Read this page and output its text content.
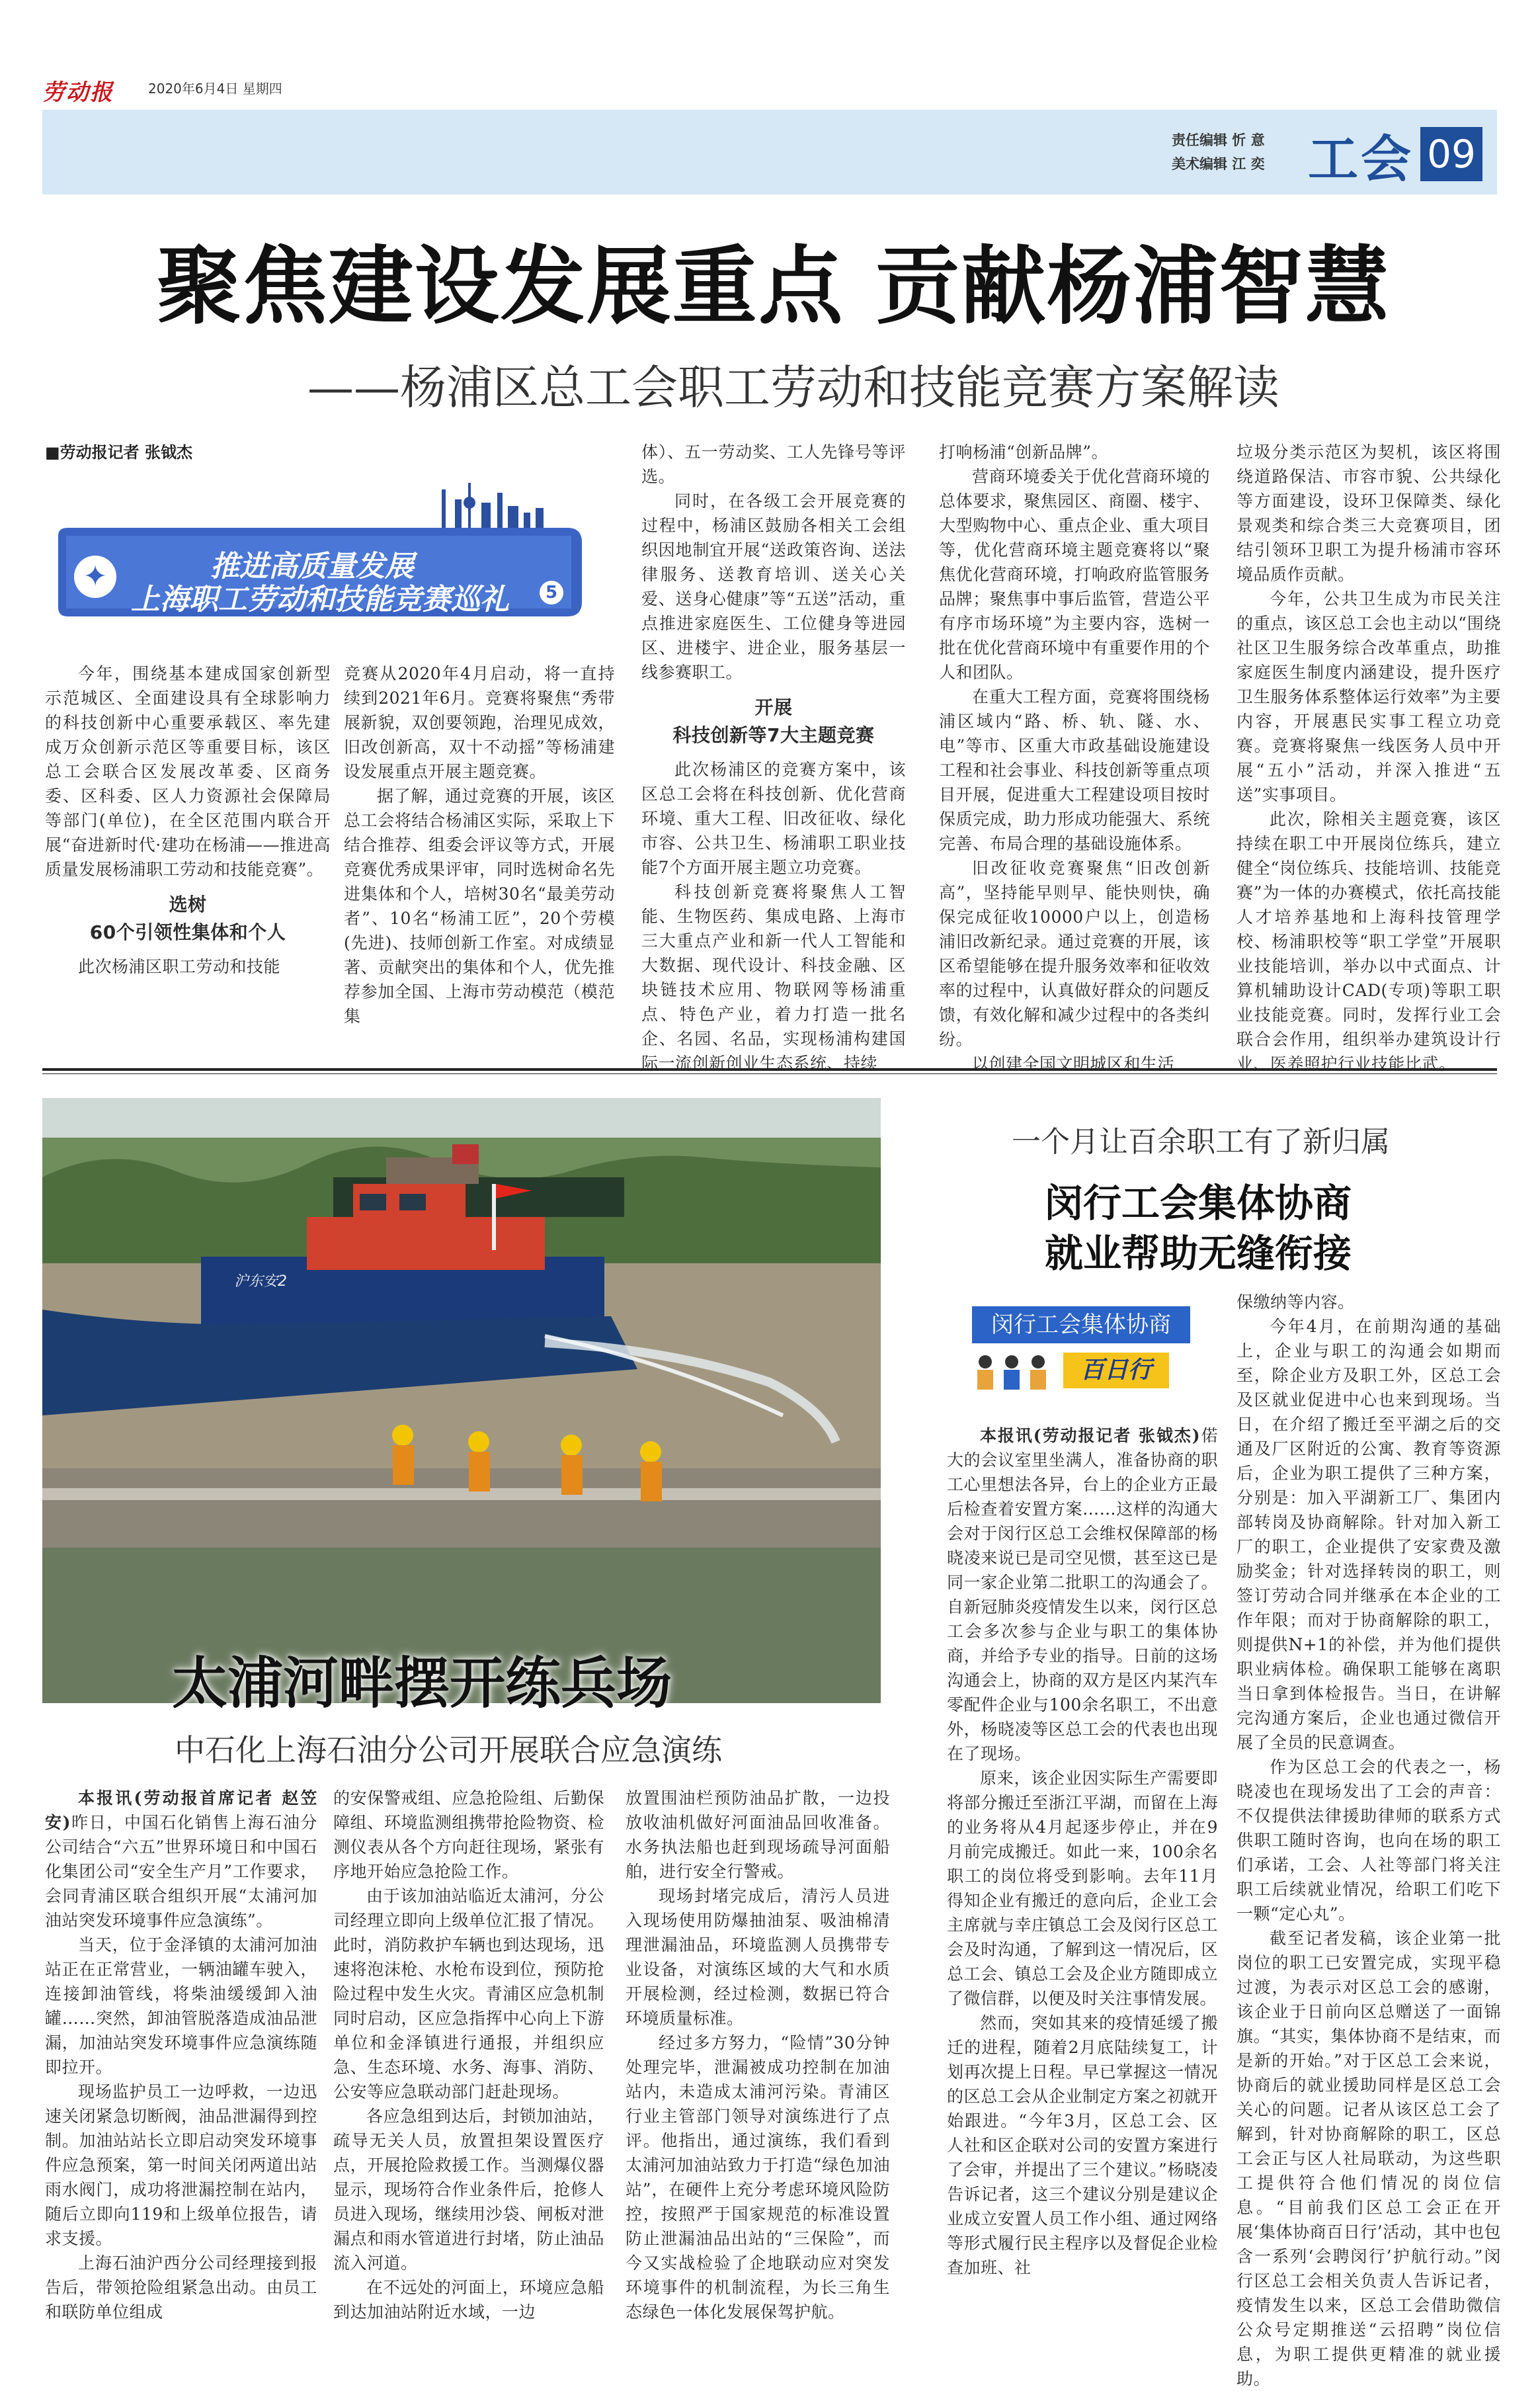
劳动报	2020年6月4日 星期四
责任编辑 忻 意
美术编辑 江 奕 工会 09
聚焦建设发展重点 贡献杨浦智慧
——杨浦区总工会职工劳动和技能竞赛方案解读
■劳动报记者 张钺杰
✦	推进高质量发展
上海职工劳动和技能竞赛巡礼	5

今年，围绕基本建成国家创新型示范城区、全面建设具有全球影响力的科技创新中心重要承载区、率先建成万众创新示范区等重要目标，该区总工会联合区发展改革委、区商务委、区科委、区人力资源社会保障局等部门(单位)，在全区范围内联合开展“奋进新时代·建功在杨浦——推进高质量发展杨浦职工劳动和技能竞赛”。

选树
60个引领性集体和个人

此次杨浦区职工劳动和技能

竞赛从2020年4月启动，将一直持续到2021年6月。竞赛将聚焦“秀带展新貌，双创要领跑，治理见成效，旧改创新高，双十不动摇”等杨浦建设发展重点开展主题竞赛。

据了解，通过竞赛的开展，该区总工会将结合杨浦区实际，采取上下结合推荐、组委会评议等方式，开展竞赛优秀成果评审，同时选树命名先进集体和个人，培树30名“最美劳动者”、10名“杨浦工匠”，20个劳模(先进)、技师创新工作室。对成绩显著、贡献突出的集体和个人，优先推荐参加全国、上海市劳动模范（模范集

体）、五一劳动奖、工人先锋号等评选。

同时，在各级工会开展竞赛的过程中，杨浦区鼓励各相关工会组织因地制宜开展“送政策咨询、送法律服务、送教育培训、送关心关爱、送身心健康”等“五送”活动，重点推进家庭医生、工位健身等进园区、进楼宇、进企业，服务基层一线参赛职工。

开展
科技创新等7大主题竞赛

此次杨浦区的竞赛方案中，该区总工会将在科技创新、优化营商环境、重大工程、旧改征收、绿化市容、公共卫生、杨浦职工职业技能7个方面开展主题立功竞赛。

科技创新竞赛将聚焦人工智能、生物医药、集成电路、上海市三大重点产业和新一代人工智能和大数据、现代设计、科技金融、区块链技术应用、物联网等杨浦重点、特色产业，着力打造一批名企、名园、名品，实现杨浦构建国际一流创新创业生态系统、持续

打响杨浦“创新品牌”。

营商环境委关于优化营商环境的总体要求，聚焦园区、商圈、楼宇、大型购物中心、重点企业、重大项目等，优化营商环境主题竞赛将以“聚焦优化营商环境，打响政府监管服务品牌；聚焦事中事后监管，营造公平有序市场环境”为主要内容，选树一批在优化营商环境中有重要作用的个人和团队。

在重大工程方面，竞赛将围绕杨浦区域内“路、桥、轨、隧、水、电”等市、区重大市政基础设施建设工程和社会事业、科技创新等重点项目开展，促进重大工程建设项目按时保质完成，助力形成功能强大、系统完善、布局合理的基础设施体系。

旧改征收竞赛聚焦“旧改创新高”，坚持能早则早、能快则快，确保完成征收10000户以上，创造杨浦旧改新纪录。通过竞赛的开展，该区希望能够在提升服务效率和征收效率的过程中，认真做好群众的问题反馈，有效化解和减少过程中的各类纠纷。

以创建全国文明城区和生活

垃圾分类示范区为契机，该区将围绕道路保洁、市容市貌、公共绿化等方面建设，设环卫保障类、绿化景观类和综合类三大竞赛项目，团结引领环卫职工为提升杨浦市容环境品质作贡献。

今年，公共卫生成为市民关注的重点，该区总工会也主动以“围绕社区卫生服务综合改革重点，助推家庭医生制度内涵建设，提升医疗卫生服务体系整体运行效率”为主要内容，开展惠民实事工程立功竞赛。竞赛将聚焦一线医务人员中开展“五小”活动，并深入推进“五送”实事项目。

此次，除相关主题竞赛，该区持续在职工中开展岗位练兵，建立健全“岗位练兵、技能培训、技能竞赛”为一体的办赛模式，依托高技能人才培养基地和上海科技管理学校、杨浦职校等“职工学堂”开展职业技能培训，举办以中式面点、计算机辅助设计CAD(专项)等职工职业技能竞赛。同时，发挥行业工会联合会作用，组织举办建筑设计行业、医养照护行业技能比武。

沪东安2
太浦河畔摆开练兵场
中石化上海石油分公司开展联合应急演练

本报讯(劳动报首席记者 赵笠安)昨日，中国石化销售上海石油分公司结合“六五”世界环境日和中国石化集团公司“安全生产月”工作要求，会同青浦区联合组织开展“太浦河加油站突发环境事件应急演练”。

当天，位于金泽镇的太浦河加油站正在正常营业，一辆油罐车驶入，连接卸油管线，将柴油缓缓卸入油罐……突然，卸油管脱落造成油品泄漏，加油站突发环境事件应急演练随即拉开。

现场监护员工一边呼救，一边迅速关闭紧急切断阀，油品泄漏得到控制。加油站站长立即启动突发环境事件应急预案，第一时间关闭两道出站雨水阀门，成功将泄漏控制在站内，随后立即向119和上级单位报告，请求支援。

上海石油沪西分公司经理接到报告后，带领抢险组紧急出动。由员工和联防单位组成

的安保警戒组、应急抢险组、后勤保障组、环境监测组携带抢险物资、检测仪表从各个方向赶往现场，紧张有序地开始应急抢险工作。

由于该加油站临近太浦河，分公司经理立即向上级单位汇报了情况。此时，消防救护车辆也到达现场，迅速将泡沫枪、水枪布设到位，预防抢险过程中发生火灾。青浦区应急机制同时启动，区应急指挥中心向上下游单位和金泽镇进行通报，并组织应急、生态环境、水务、海事、消防、公安等应急联动部门赶赴现场。

各应急组到达后，封锁加油站，疏导无关人员，放置担架设置医疗点，开展抢险救援工作。当测爆仪器显示，现场符合作业条件后，抢修人员进入现场，继续用沙袋、闸板对泄漏点和雨水管道进行封堵，防止油品流入河道。

在不远处的河面上，环境应急船到达加油站附近水域，一边

放置围油栏预防油品扩散，一边投放收油机做好河面油品回收准备。水务执法船也赶到现场疏导河面船舶，进行安全行警戒。

现场封堵完成后，清污人员进入现场使用防爆抽油泵、吸油棉清理泄漏油品，环境监测人员携带专业设备，对演练区域的大气和水质开展检测，经过检测，数据已符合环境质量标准。

经过多方努力，“险情”30分钟处理完毕，泄漏被成功控制在加油站内，未造成太浦河污染。青浦区行业主管部门领导对演练进行了点评。他指出，通过演练，我们看到太浦河加油站致力于打造“绿色加油站”，在硬件上充分考虑环境风险防控，按照严于国家规范的标准设置防止泄漏油品出站的“三保险”，而今又实战检验了企地联动应对突发环境事件的机制流程，为长三角生态绿色一体化发展保驾护航。

一个月让百余职工有了新归属
闵行工会集体协商
就业帮助无缝衔接
闵行工会集体协商
百日行

本报讯(劳动报记者 张钺杰)偌大的会议室里坐满人，准备协商的职工心里想法各异，台上的企业方正最后检查着安置方案……这样的沟通大会对于闵行区总工会维权保障部的杨晓凌来说已是司空见惯，甚至这已是同一家企业第二批职工的沟通会了。自新冠肺炎疫情发生以来，闵行区总工会多次参与企业与职工的集体协商，并给予专业的指导。日前的这场沟通会上，协商的双方是区内某汽车零配件企业与100余名职工，不出意外，杨晓凌等区总工会的代表也出现在了现场。

原来，该企业因实际生产需要即将部分搬迁至浙江平湖，而留在上海的业务将从4月起逐步停止，并在9月前完成搬迁。如此一来，100余名职工的岗位将受到影响。去年11月得知企业有搬迁的意向后，企业工会主席就与幸庄镇总工会及闵行区总工会及时沟通，了解到这一情况后，区总工会、镇总工会及企业方随即成立了微信群，以便及时关注事情发展。

然而，突如其来的疫情延缓了搬迁的进程，随着2月底陆续复工，计划再次提上日程。早已掌握这一情况的区总工会从企业制定方案之初就开始跟进。“今年3月，区总工会、区人社和区企联对公司的安置方案进行了会审，并提出了三个建议。”杨晓凌告诉记者，这三个建议分别是建议企业成立安置人员工作小组、通过网络等形式履行民主程序以及督促企业检查加班、社

保缴纳等内容。

今年4月，在前期沟通的基础上，企业与职工的沟通会如期而至，除企业方及职工外，区总工会及区就业促进中心也来到现场。当日，在介绍了搬迁至平湖之后的交通及厂区附近的公寓、教育等资源后，企业为职工提供了三种方案，分别是：加入平湖新工厂、集团内部转岗及协商解除。针对加入新工厂的职工，企业提供了安家费及激励奖金；针对选择转岗的职工，则签订劳动合同并继承在本企业的工作年限；而对于协商解除的职工，则提供N+1的补偿，并为他们提供职业病体检。确保职工能够在离职当日拿到体检报告。当日，在讲解完沟通方案后，企业也通过微信开展了全员的民意调查。

作为区总工会的代表之一，杨晓凌也在现场发出了工会的声音：不仅提供法律援助律师的联系方式供职工随时咨询，也向在场的职工们承诺，工会、人社等部门将关注职工后续就业情况，给职工们吃下一颗“定心丸”。

截至记者发稿，该企业第一批岗位的职工已安置完成，实现平稳过渡，为表示对区总工会的感谢，该企业于日前向区总赠送了一面锦旗。“其实，集体协商不是结束，而是新的开始。”对于区总工会来说，协商后的就业援助同样是区总工会关心的问题。记者从该区总工会了解到，针对协商解除的职工，区总工会正与区人社局联动，为这些职工提供符合他们情况的岗位信息。“目前我们区总工会正在开展‘集体协商百日行’活动，其中也包含一系列‘会聘闵行’护航行动。”闵行区总工会相关负责人告诉记者，疫情发生以来，区总工会借助微信公众号定期推送“云招聘”岗位信息，为职工提供更精准的就业援助。
